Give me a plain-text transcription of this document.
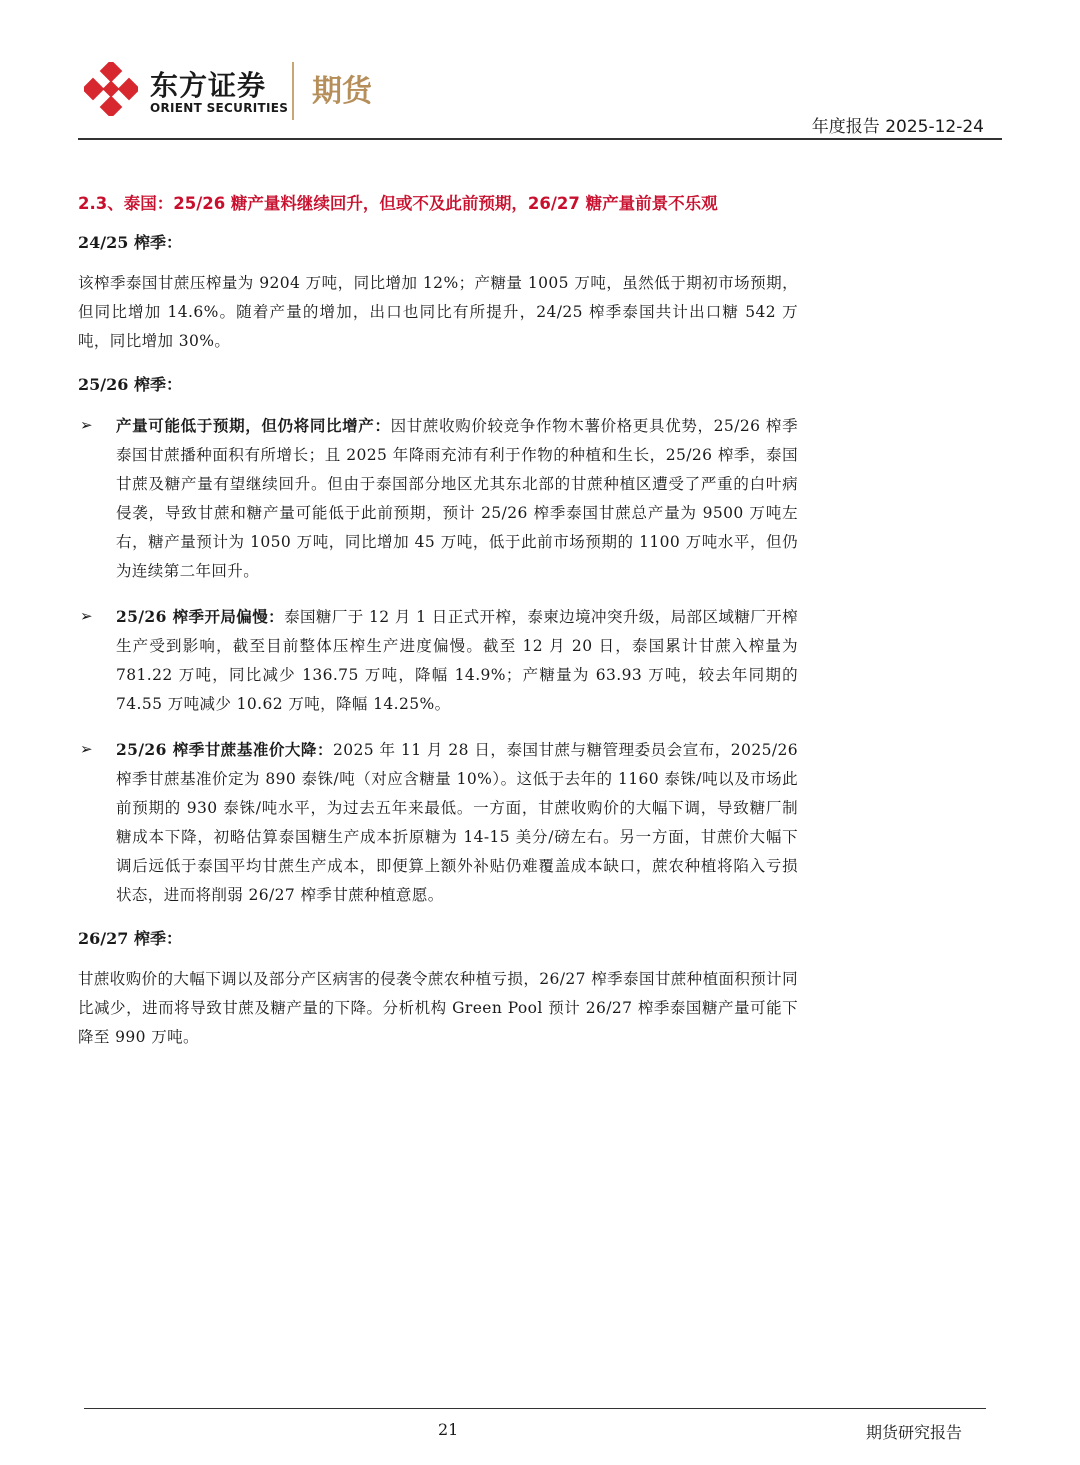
东方证券
ORIENT SECURITIES 期货
年度报告 2025-12-24
2.3、泰国：25/26 糖产量料继续回升，但或不及此前预期，26/27 糖产量前景不乐观
24/25 榨季：

该榨季泰国甘蔗压榨量为 9204 万吨，同比增加 12%；产糖量 1005 万吨，虽然低于期初市场预期，但同比增加 14.6%。随着产量的增加，出口也同比有所提升，24/25 榨季泰国共计出口糖 542 万吨，同比增加 30%。

25/26 榨季：
➢ 产量可能低于预期，但仍将同比增产：因甘蔗收购价较竞争作物木薯价格更具优势，25/26 榨季泰国甘蔗播种面积有所增长；且 2025 年降雨充沛有利于作物的种植和生长，25/26 榨季，泰国甘蔗及糖产量有望继续回升。但由于泰国部分地区尤其东北部的甘蔗种植区遭受了严重的白叶病侵袭，导致甘蔗和糖产量可能低于此前预期，预计 25/26 榨季泰国甘蔗总产量为 9500 万吨左右，糖产量预计为 1050 万吨，同比增加 45 万吨，低于此前市场预期的 1100 万吨水平，但仍为连续第二年回升。
➢ 25/26 榨季开局偏慢：泰国糖厂于 12 月 1 日正式开榨，泰柬边境冲突升级，局部区域糖厂开榨生产受到影响，截至目前整体压榨生产进度偏慢。截至 12 月 20 日，泰国累计甘蔗入榨量为 781.22 万吨，同比减少 136.75 万吨，降幅 14.9%；产糖量为 63.93 万吨，较去年同期的 74.55 万吨减少 10.62 万吨，降幅 14.25%。
➢ 25/26 榨季甘蔗基准价大降：2025 年 11 月 28 日，泰国甘蔗与糖管理委员会宣布，2025/26 榨季甘蔗基准价定为 890 泰铢/吨（对应含糖量 10%）。这低于去年的 1160 泰铢/吨以及市场此前预期的 930 泰铢/吨水平，为过去五年来最低。一方面，甘蔗收购价的大幅下调，导致糖厂制糖成本下降，初略估算泰国糖生产成本折原糖为 14-15 美分/磅左右。另一方面，甘蔗价大幅下调后远低于泰国平均甘蔗生产成本，即便算上额外补贴仍难覆盖成本缺口，蔗农种植将陷入亏损状态，进而将削弱 26/27 榨季甘蔗种植意愿。
26/27 榨季：

甘蔗收购价的大幅下调以及部分产区病害的侵袭令蔗农种植亏损，26/27 榨季泰国甘蔗种植面积预计同比减少，进而将导致甘蔗及糖产量的下降。分析机构 Green Pool 预计 26/27 榨季泰国糖产量可能下降至 990 万吨。

21	期货研究报告
